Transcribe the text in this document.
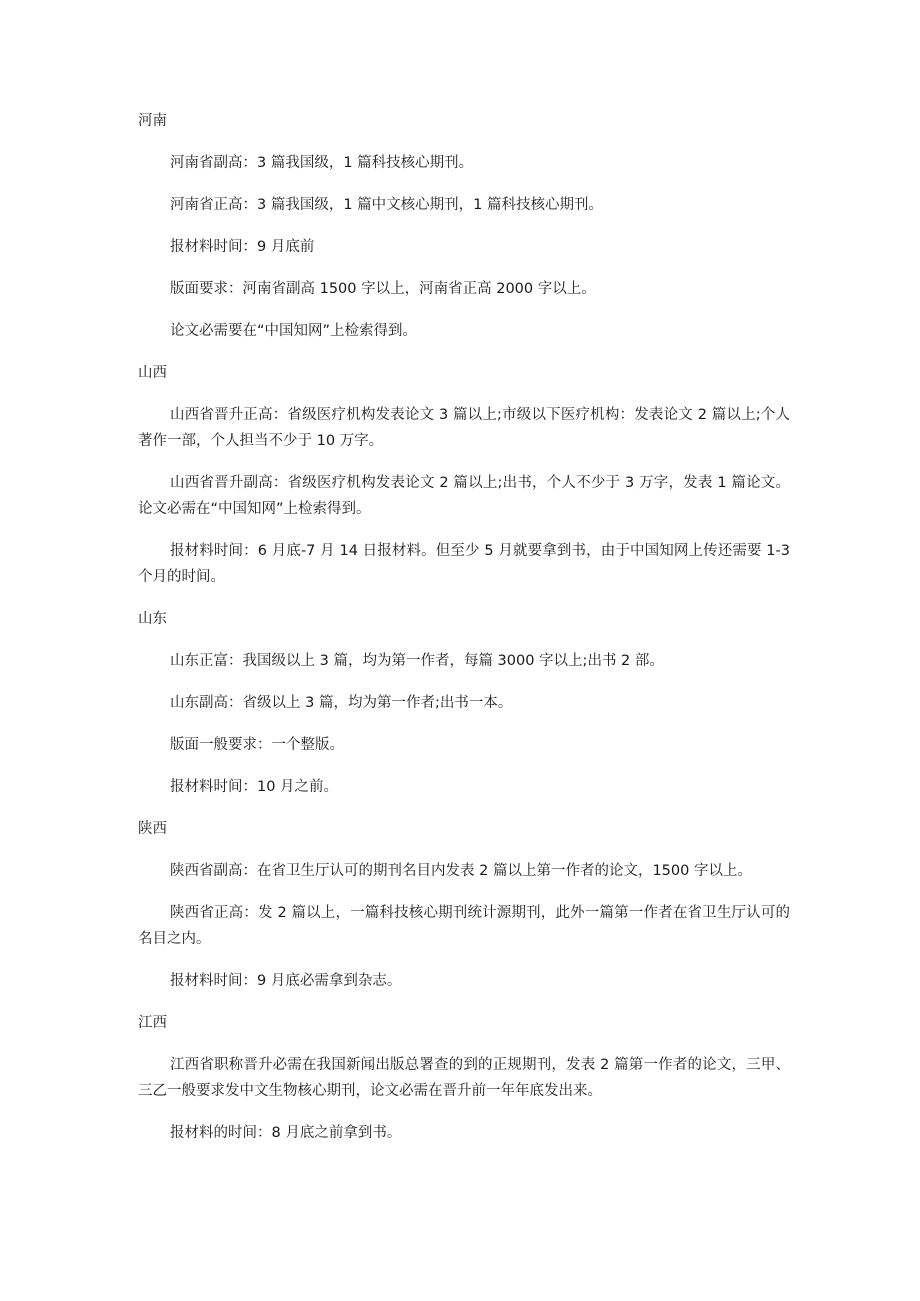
河南

河南省副高：3 篇我国级，1 篇科技核心期刊。

河南省正高：3 篇我国级，1 篇中文核心期刊，1 篇科技核心期刊。

报材料时间：9 月底前

版面要求：河南省副高 1500 字以上，河南省正高 2000 字以上。

论文必需要在“中国知网”上检索得到。

山西

山西省晋升正高：省级医疗机构发表论文 3 篇以上;市级以下医疗机构：发表论文 2 篇以上;个人著作一部，个人担当不少于 10 万字。

山西省晋升副高：省级医疗机构发表论文 2 篇以上;出书，个人不少于 3 万字，发表 1 篇论文。论文必需在“中国知网”上检索得到。

报材料时间：6 月底-7 月 14 日报材料。但至少 5 月就要拿到书，由于中国知网上传还需要 1-3 个月的时间。

山东

山东正富：我国级以上 3 篇，均为第一作者，每篇 3000 字以上;出书 2 部。

山东副高：省级以上 3 篇，均为第一作者;出书一本。

版面一般要求：一个整版。

报材料时间：10 月之前。

陕西

陕西省副高：在省卫生厅认可的期刊名目内发表 2 篇以上第一作者的论文，1500 字以上。

陕西省正高：发 2 篇以上，一篇科技核心期刊统计源期刊，此外一篇第一作者在省卫生厅认可的名目之内。

报材料时间：9 月底必需拿到杂志。

江西

江西省职称晋升必需在我国新闻出版总署查的到的正规期刊，发表 2 篇第一作者的论文，三甲、三乙一般要求发中文生物核心期刊，论文必需在晋升前一年年底发出来。

报材料的时间：8 月底之前拿到书。
